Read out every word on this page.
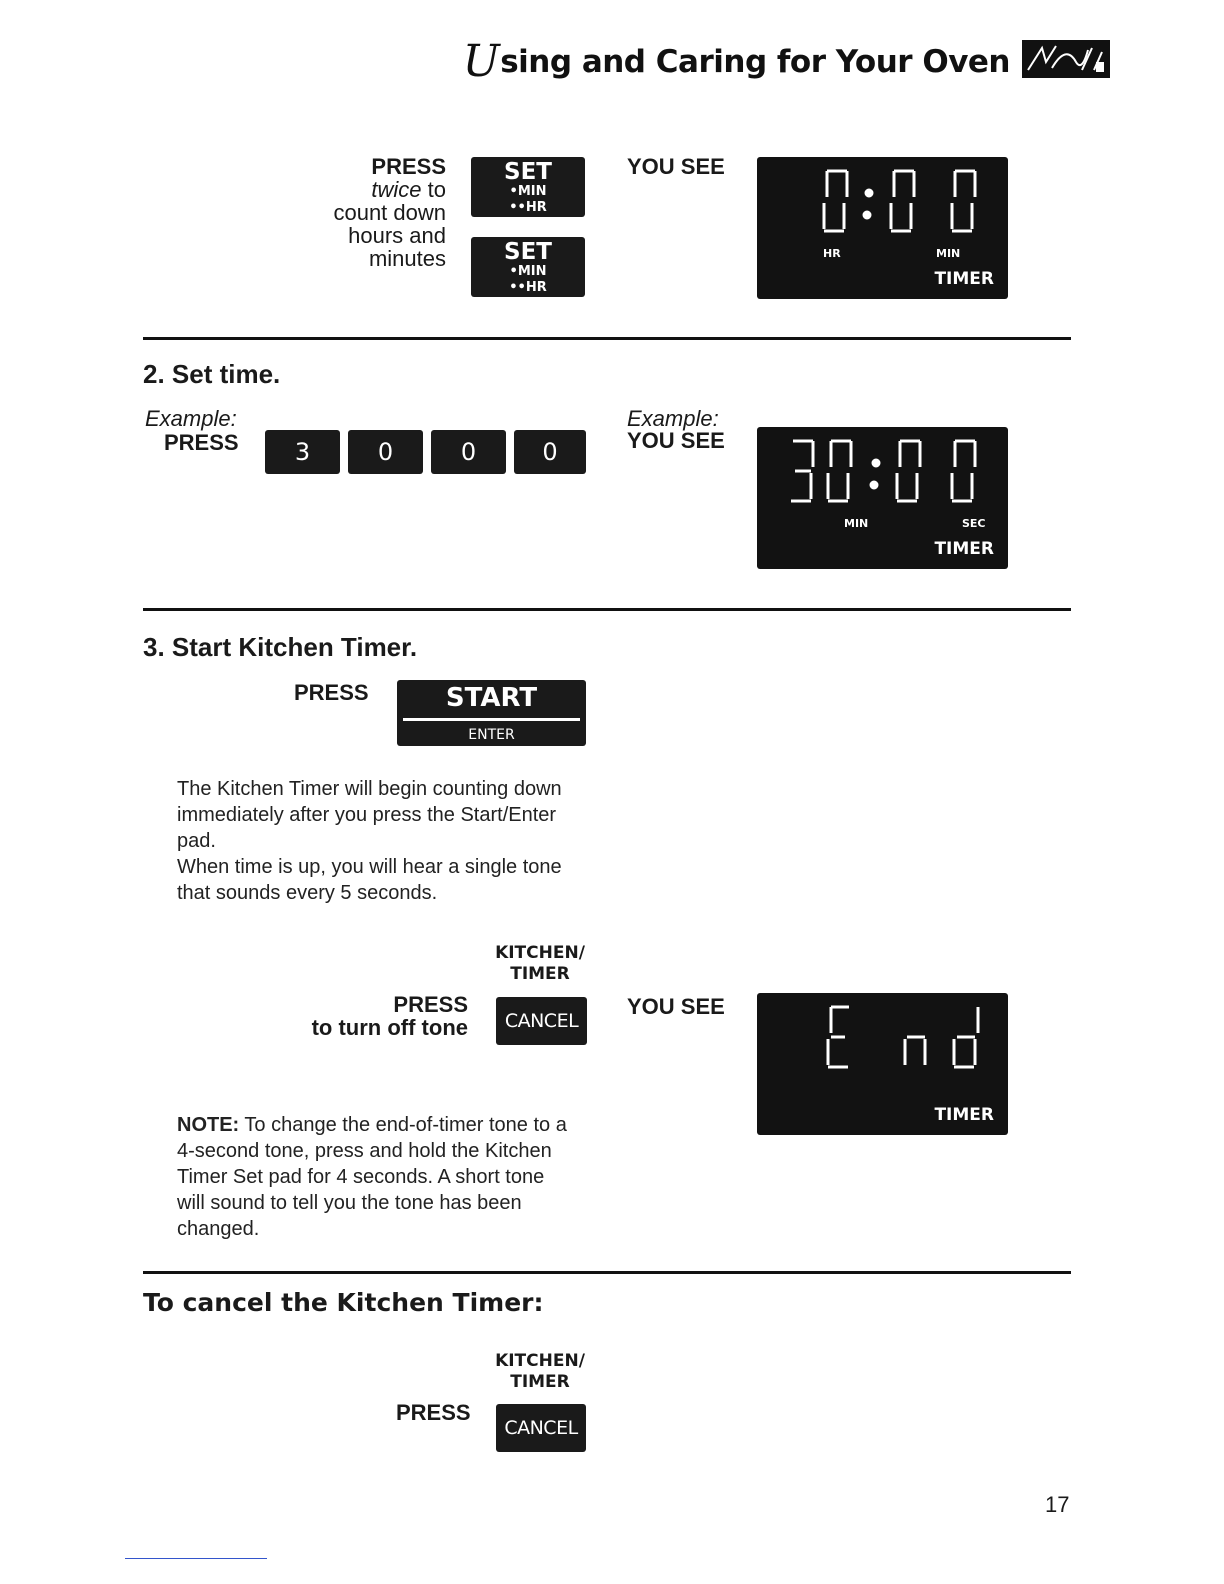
Using and Caring for Your Oven
PRESS
twice to
count down
hours and
minutes
SET
•MIN
••HR
SET
•MIN
••HR
YOU SEE
HR	MIN
TIMER
2. Set time.
Example:
PRESS	3	0	0	0
Example:
YOU SEE
MIN	SEC
TIMER
3. Start Kitchen Timer.
PRESS	START
ENTER

The Kitchen Timer will begin counting down immediately after you press the Start/Enter pad.

When time is up, you will hear a single tone that sounds every 5 seconds.

KITCHEN/
TIMER
PRESS
to turn off tone	CANCEL
YOU SEE
TIMER

NOTE: To change the end-of-timer tone to a 4-second tone, press and hold the Kitchen Timer Set pad for 4 seconds. A short tone will sound to tell you the tone has been changed.

To cancel the Kitchen Timer:
KITCHEN/
TIMER
PRESS
CANCEL
17
